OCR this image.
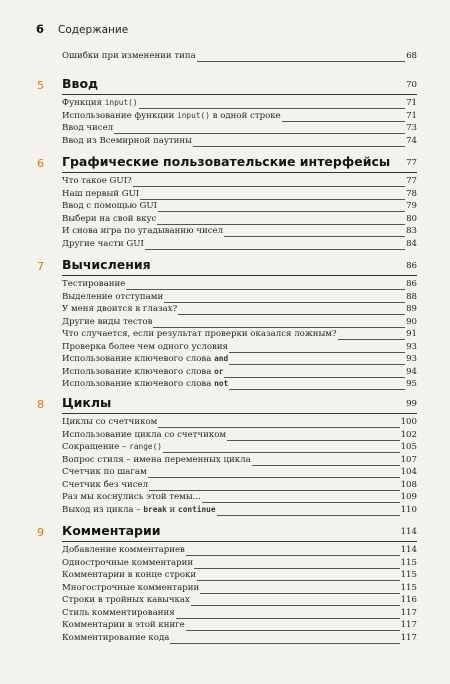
6 Содержание
Ошибки при изменении типа	68
5 Ввод	70
Функция input()	71
Использование функции input() в одной строке	71
Ввод чисел	73
Ввод из Всемирной паутины	74
6 Графические пользовательские интерфейсы 77
Что такое GUI?	77
Наш первый GUI	78
Ввод с помощью GUI	79
Выбери на свой вкус	80
И снова игра по угадыванию чисел	83
Другие части GUI	84
7 Вычисления	86
Тестирование	86
Выделение отступами	88
У меня двоится в глазах?	89
Другие виды тестов	90
Что случается, если результат проверки оказался ложным?	91
Проверка более чем одного условия	93
Использование ключевого слова and	93
Использование ключевого слова or	94
Использование ключевого слова not	95
8 Циклы	99
Циклы со счетчиком	100
Использование цикла со счетчиком	102
Сокращение – range()	105
Вопрос стиля – имена переменных цикла	107
Счетчик по шагам	104
Счетчик без чисел	108
Раз мы коснулись этой темы...	109
Выход из цикла – break и continue	110
9 Комментарии	114
Добавление комментариев	114
Однострочные комментарии	115
Комментарии в конце строки	115
Многострочные комментарии	115
Строки в тройных кавычках	116
Стиль комментирования	117
Комментарии в этой книге	117
Комментирование кода	117
